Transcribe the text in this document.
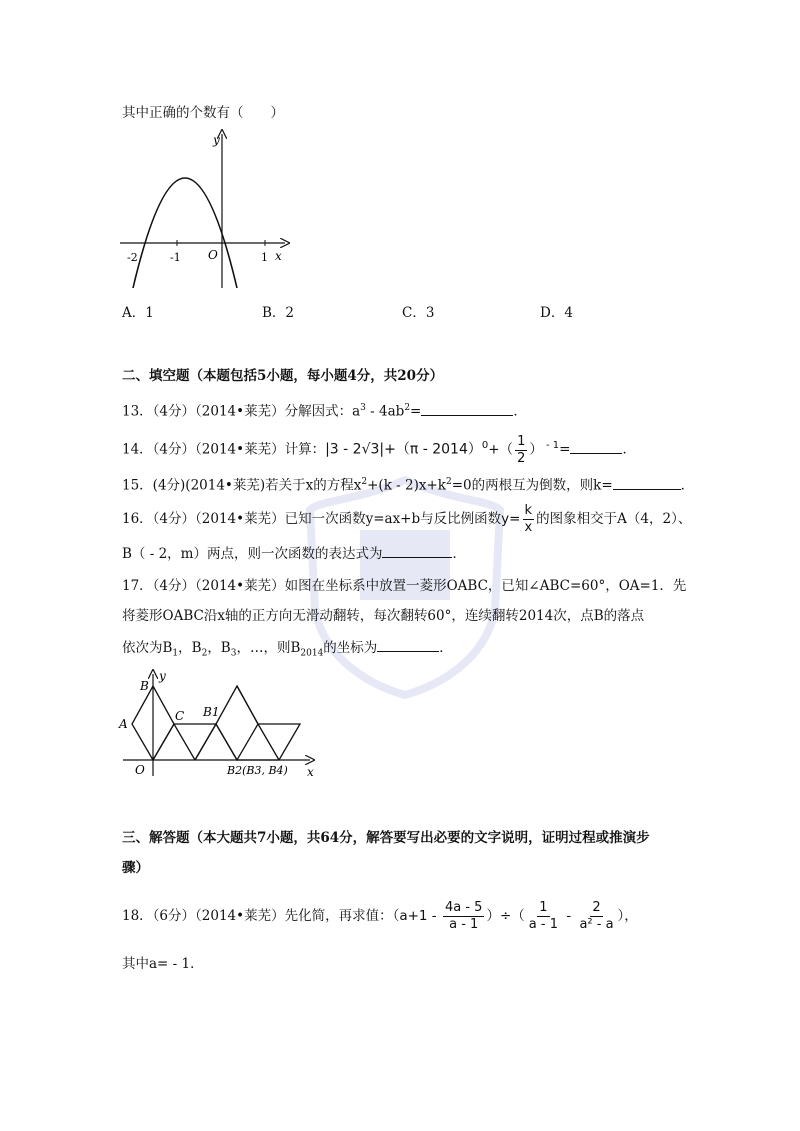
其中正确的个数有（　　）
y
x
O
-2	-1	1
A．1	B．2	C．3	D．4
二、填空题（本题包括5小题，每小题4分，共20分）
13．（4分）（2014•莱芜）分解因式：$a^3 - 4ab^2=$	．
14．（4分）（2014•莱芜）计算：$|3 - 2√3|+(\pi - 2014)^0+( \frac{1}{2}$ ） $^{- 1}$=	．
15．(4分)(2014•莱芜)若关于x的方程$x^2+(k - 2)x+k^2=0$的两根互为倒数，则k=	．
16．（4分）（2014•莱芜）已知一次函数y=ax+b与反比例函数$y= \frac{k}{x}$ 的图象相交于A（4，2）、
B（ - 2，m）两点，则一次函数的表达式为	．
17．（4分）（2014•莱芜）如图在坐标系中放置一菱形OABC，已知∠ABC=60°，OA=1．先
将菱形OABC沿x轴的正方向无滑动翻转，每次翻转60°，连续翻转2014次，点B的落点
依次为$B_1$，$B_2$，$B_3$，…，则$B_{2014}$的坐标为	．
B
y
A
C B1
O	B2(B3, B4) x
三、解答题（本大题共7小题，共64分，解答要写出必要的文字说明，证明过程或推演步
骤）
18．（6分）（2014•莱芜）先化简，再求值：（$a+1 - \frac{4a - 5}{a - 1}$ ）÷（ $\frac{1}{a - 1} - \frac{2}{\text{a² - a}}$ ），
其中a= - 1．
